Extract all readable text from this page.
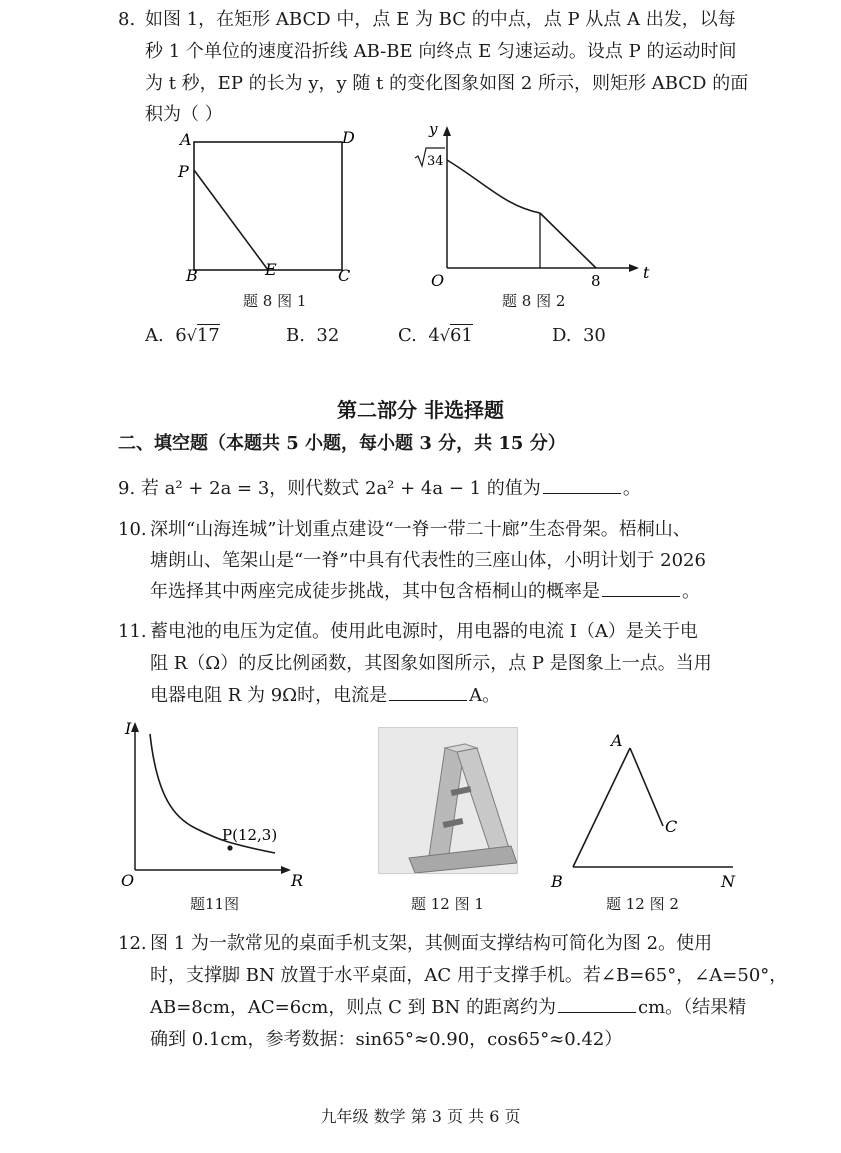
8. 如图 1，在矩形 ABCD 中，点 E 为 BC 的中点，点 P 从点 A 出发，以每
秒 1 个单位的速度沿折线 AB-BE 向终点 E 匀速运动。设点 P 的运动时间
为 t 秒，EP 的长为 y，y 随 t 的变化图象如图 2 所示，则矩形 ABCD 的面
积为（ ）
A	D
P
B	E	C
题 8 图 1
y
34
O	8	t
题 8 图 2
A. 6√17	B. 32	C. 4√61	D. 30
第二部分 非选择题
二、填空题（本题共 5 小题，每小题 3 分，共 15 分）
9. 若 a² + 2a = 3，则代数式 2a² + 4a − 1 的值为	。
10. 深圳“山海连城”计划重点建设“一脊一带二十廊”生态骨架。梧桐山、
塘朗山、笔架山是“一脊”中具有代表性的三座山体，小明计划于 2026
年选择其中两座完成徒步挑战，其中包含梧桐山的概率是	。
11. 蓄电池的电压为定值。使用此电源时，用电器的电流 I（A）是关于电
阻 R（Ω）的反比例函数，其图象如图所示，点 P 是图象上一点。当用
电器电阻 R 为 9Ω时，电流是	A。
I
O	R
P(12,3)
题11图	题 12 图 1
A
C
B	N
题 12 图 2
12. 图 1 为一款常见的桌面手机支架，其侧面支撑结构可简化为图 2。使用
时，支撑脚 BN 放置于水平桌面，AC 用于支撑手机。若∠B=65°，∠A=50°，
AB=8cm，AC=6cm，则点 C 到 BN 的距离约为	cm。（结果精
确到 0.1cm，参考数据：sin65°≈0.90，cos65°≈0.42）
九年级 数学 第 3 页 共 6 页
